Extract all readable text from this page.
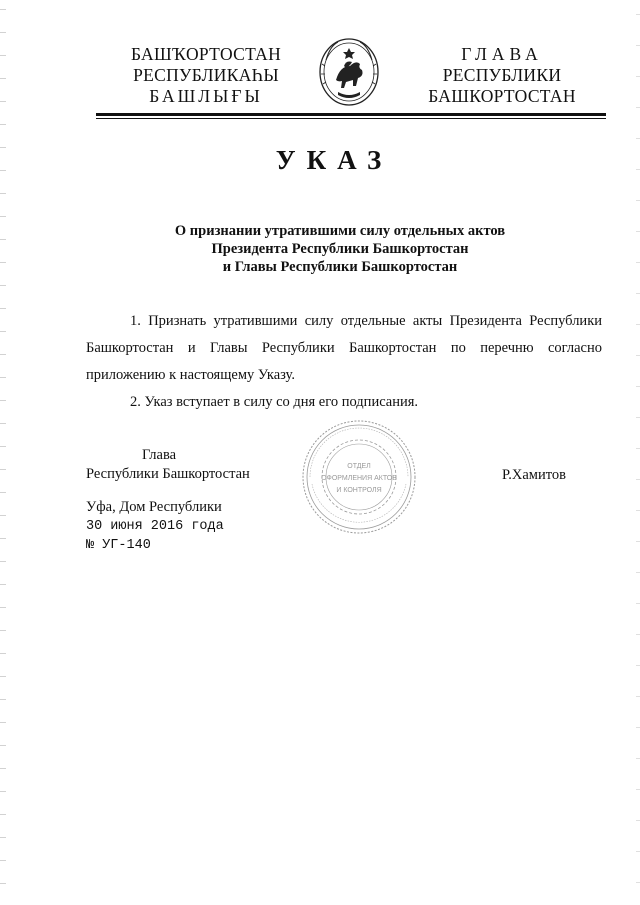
БАШҠОРТОСТАН
РЕСПУБЛИКАҺЫ
БАШЛЫҒЫ
ГЛАВА
РЕСПУБЛИКИ
БАШКОРТОСТАН
УКАЗ
О признании утратившими силу отдельных актов
Президента Республики Башкортостан
и Главы Республики Башкортостан

1. Признать утратившими силу отдельные акты Президента Республики Башкортостан и Главы Республики Башкортостан по перечню согласно приложению к настоящему Указу.

2. Указ вступает в силу со дня его подписания.

Глава
Республики Башкортостан	ОТДЕЛ
ОФОРМЛЕНИЯ АКТОВ
И КОНТРОЛЯ
Р.Хамитов
Уфа, Дом Республики
30 июня 2016 года
№ УГ-140
